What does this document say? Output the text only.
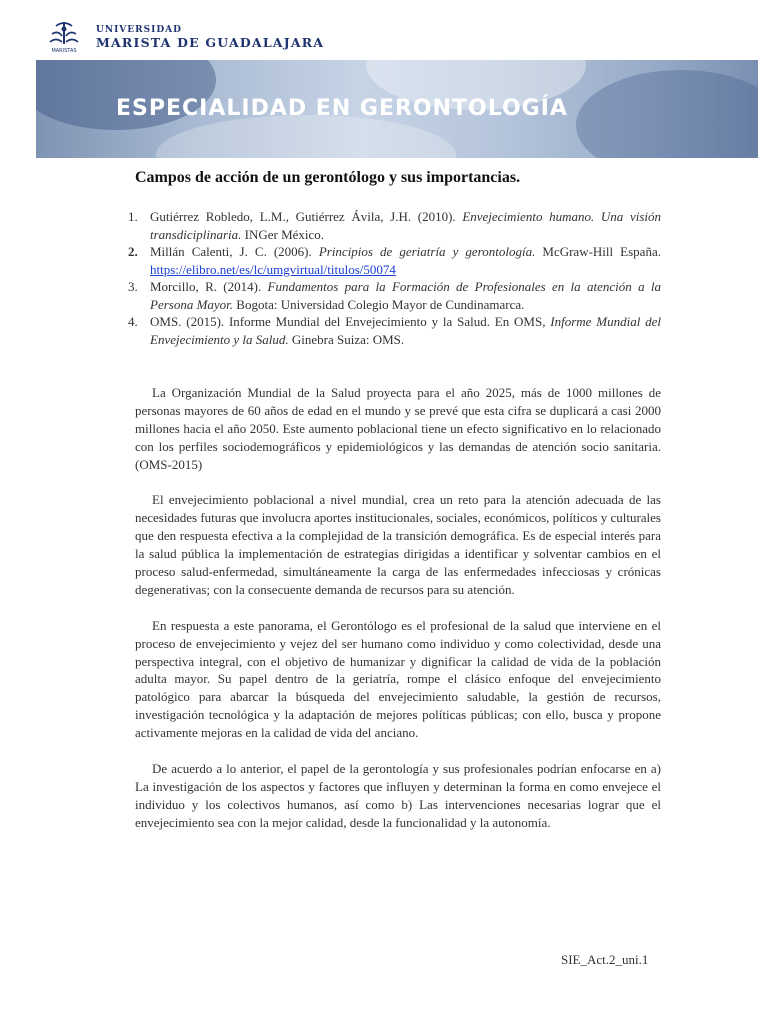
MARISTAS
UNIVERSIDAD
MARISTA DE GUADALAJARA
ESPECIALIDAD EN GERONTOLOGÍA
Campos de acción de un gerontólogo y sus importancias.
1. Gutiérrez Robledo, L.M., Gutiérrez Ávila, J.H. (2010). Envejecimiento humano. Una visión transdiciplinaria. INGer México.
2. Millán Calenti, J. C. (2006). Principios de geriatría y gerontología. McGraw-Hill España. https://elibro.net/es/lc/umgvirtual/titulos/50074
3. Morcillo, R. (2014). Fundamentos para la Formación de Profesionales en la atención a la Persona Mayor. Bogota: Universidad Colegio Mayor de Cundinamarca.
4. OMS. (2015). Informe Mundial del Envejecimiento y la Salud. En OMS, Informe Mundial del Envejecimiento y la Salud. Ginebra Suiza: OMS.

La Organización Mundial de la Salud proyecta para el año 2025, más de 1000 millones de personas mayores de 60 años de edad en el mundo y se prevé que esta cifra se duplicará a casi 2000 millones hacia el año 2050. Este aumento poblacional tiene un efecto significativo en lo relacionado con los perfiles sociodemográficos y epidemiológicos y las demandas de atención socio sanitaria. (OMS-2015)

El envejecimiento poblacional a nivel mundial, crea un reto para la atención adecuada de las necesidades futuras que involucra aportes institucionales, sociales, económicos, políticos y culturales que den respuesta efectiva a la complejidad de la transición demográfica. Es de especial interés para la salud pública la implementación de estrategias dirigidas a identificar y solventar cambios en el proceso salud-enfermedad, simultáneamente la carga de las enfermedades infecciosas y crónicas degenerativas; con la consecuente demanda de recursos para su atención.

En respuesta a este panorama, el Gerontólogo es el profesional de la salud que interviene en el proceso de envejecimiento y vejez del ser humano como individuo y como colectividad, desde una perspectiva integral, con el objetivo de humanizar y dignificar la calidad de vida de la población adulta mayor. Su papel dentro de la geriatría, rompe el clásico enfoque del envejecimiento patológico para abarcar la búsqueda del envejecimiento saludable, la gestión de recursos, investigación tecnológica y la adaptación de mejores políticas públicas; con ello, busca y propone activamente mejoras en la calidad de vida del anciano.

De acuerdo a lo anterior, el papel de la gerontología y sus profesionales podrían enfocarse en a) La investigación de los aspectos y factores que influyen y determinan la forma en como envejece el individuo y los colectivos humanos, así como b) Las intervenciones necesarias lograr que el envejecimiento sea con la mejor calidad, desde la funcionalidad y la autonomía.

SIE_Act.2_uni.1
